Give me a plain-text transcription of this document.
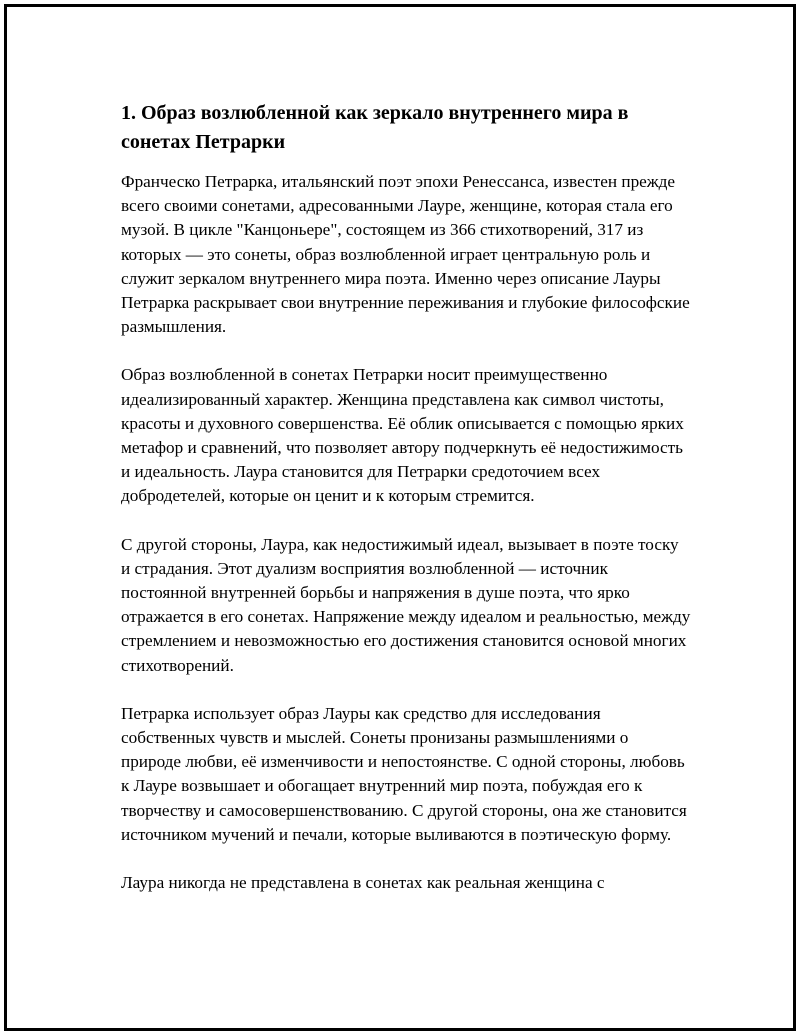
1. Образ возлюбленной как зеркало внутреннего мира в сонетах Петрарки

Франческо Петрарка, итальянский поэт эпохи Ренессанса, известен прежде всего своими сонетами, адресованными Лауре, женщине, которая стала его музой. В цикле "Канцоньере", состоящем из 366 стихотворений, 317 из которых — это сонеты, образ возлюбленной играет центральную роль и служит зеркалом внутреннего мира поэта. Именно через описание Лауры Петрарка раскрывает свои внутренние переживания и глубокие философские размышления.

Образ возлюбленной в сонетах Петрарки носит преимущественно идеализированный характер. Женщина представлена как символ чистоты, красоты и духовного совершенства. Её облик описывается с помощью ярких метафор и сравнений, что позволяет автору подчеркнуть её недостижимость и идеальность. Лаура становится для Петрарки средоточием всех добродетелей, которые он ценит и к которым стремится.

С другой стороны, Лаура, как недостижимый идеал, вызывает в поэте тоску и страдания. Этот дуализм восприятия возлюбленной — источник постоянной внутренней борьбы и напряжения в душе поэта, что ярко отражается в его сонетах. Напряжение между идеалом и реальностью, между стремлением и невозможностью его достижения становится основой многих стихотворений.

Петрарка использует образ Лауры как средство для исследования собственных чувств и мыслей. Сонеты пронизаны размышлениями о природе любви, её изменчивости и непостоянстве. С одной стороны, любовь к Лауре возвышает и обогащает внутренний мир поэта, побуждая его к творчеству и самосовершенствованию. С другой стороны, она же становится источником мучений и печали, которые выливаются в поэтическую форму.

Лаура никогда не представлена в сонетах как реальная женщина с
